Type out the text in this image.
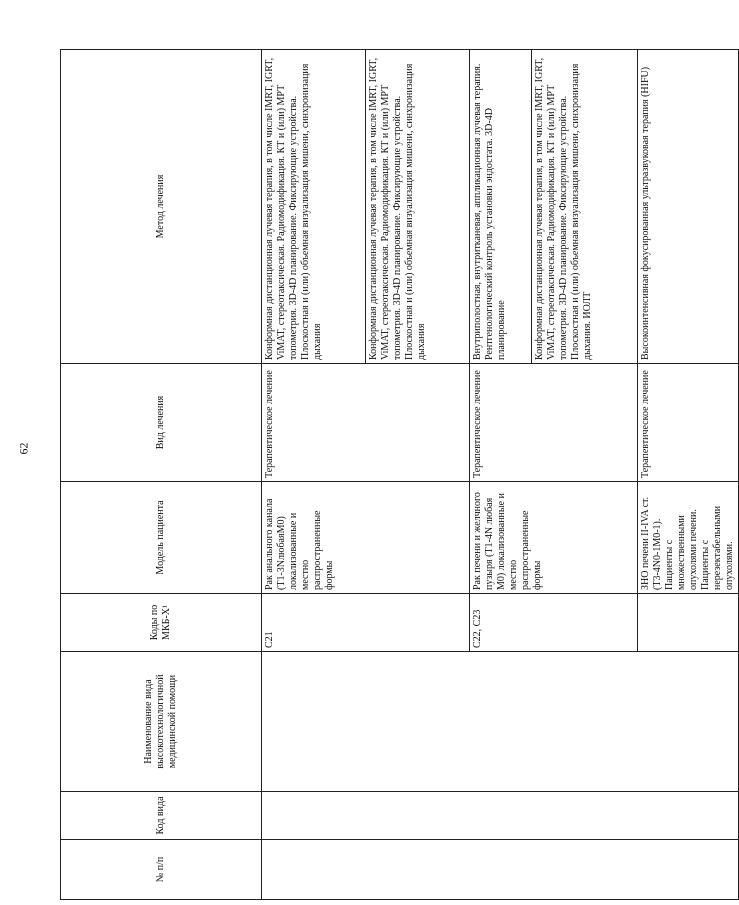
62
№ п/п	Код вида	Наименование вида высокотехнологичной медицинской помощи	Коды по МКБ-Х¹	Модель пациента	Вид лечения	Метод лечения
			C21	Рак анального канала (T1-3NлюбаяM0) локализованные и местно распространенные формы	Терапевтическое лечение	Конформная дистанционная лучевая терапия, в том числе IMRT, IGRT, ViMAT, стереотаксическая. Радиомодификация. КТ и (или) МРТ топометрия. 3D-4D планирование. Фиксирующие устройства. Плоскостная и (или) объемная визуализация мишени, синхронизация дыхания
						Конформная дистанционная лучевая терапия, в том числе IMRT, IGRT, ViMAT, стереотаксическая. Радиомодификация. КТ и (или) МРТ топометрия. 3D-4D планирование. Фиксирующие устройства. Плоскостная и (или) объемная визуализация мишени, синхронизация дыхания
			C22, C23	Рак печени и желчного пузыря (T1-4N любая M0) локализованные и местно распространенные формы	Терапевтическое лечение	Внутриполостная, внутритканевая, аппликационная лучевая терапия. Рентгенологический контроль установки эндостата. 3D-4D планирование
						Конформная дистанционная лучевая терапия, в том числе IMRT, IGRT, ViMAT, стереотаксическая. Радиомодификация. КТ и (или) МРТ топометрия. 3D-4D планирование. Фиксирующие устройства. Плоскостная и (или) объемная визуализация мишени, синхронизация дыхания. ИОЛТ
				ЗНО печени II-IVA ст. (T3-4N0-1M0-1). Пациенты с множественными опухолями печени. Пациенты с нерезектабельными опухолями.	Терапевтическое лечение	Высокоинтенсивная фокусированная ультразвуковая терапия (HIFU)
